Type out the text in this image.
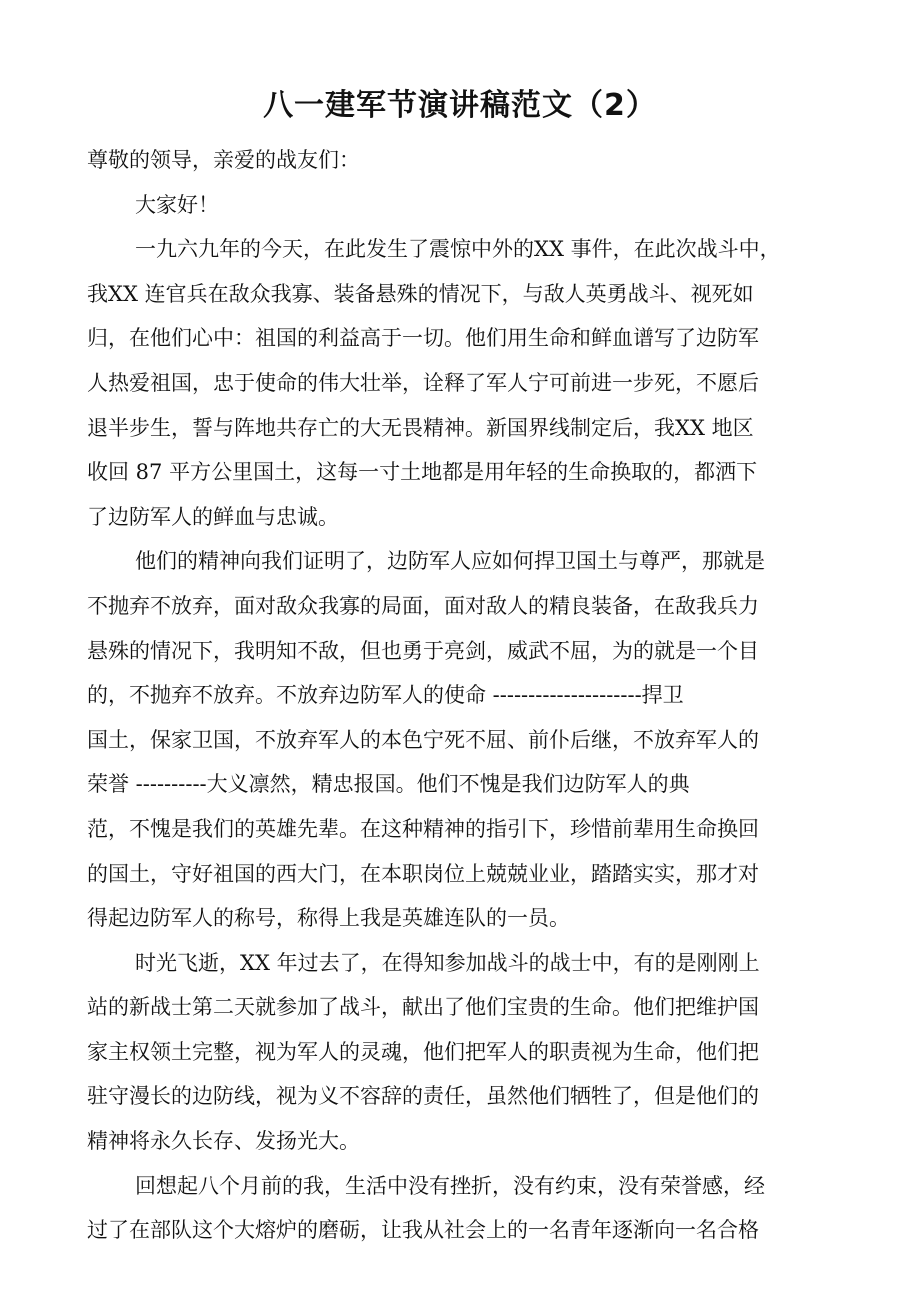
八一建军节演讲稿范文（2）
尊敬的领导，亲爱的战友们：
大家好！
一九六九年的今天，在此发生了震惊中外的XX 事件，在此次战斗中，
我XX 连官兵在敌众我寡、装备悬殊的情况下，与敌人英勇战斗、视死如
归，在他们心中：祖国的利益高于一切。他们用生命和鲜血谱写了边防军
人热爱祖国，忠于使命的伟大壮举，诠释了军人宁可前进一步死，不愿后
退半步生，誓与阵地共存亡的大无畏精神。新国界线制定后，我XX 地区
收回 87 平方公里国土，这每一寸土地都是用年轻的生命换取的，都洒下
了边防军人的鲜血与忠诚。
他们的精神向我们证明了，边防军人应如何捍卫国土与尊严，那就是
不抛弃不放弃，面对敌众我寡的局面，面对敌人的精良装备，在敌我兵力
悬殊的情况下，我明知不敌，但也勇于亮剑，威武不屈，为的就是一个目
的，不抛弃不放弃。不放弃边防军人的使命 ---------------------捍卫
国土，保家卫国，不放弃军人的本色宁死不屈、前仆后继，不放弃军人的
荣誉 ----------大义凛然，精忠报国。他们不愧是我们边防军人的典
范，不愧是我们的英雄先辈。在这种精神的指引下，珍惜前辈用生命换回
的国土，守好祖国的西大门，在本职岗位上兢兢业业，踏踏实实，那才对
得起边防军人的称号，称得上我是英雄连队的一员。
时光飞逝，XX 年过去了，在得知参加战斗的战士中，有的是刚刚上
站的新战士第二天就参加了战斗，献出了他们宝贵的生命。他们把维护国
家主权领土完整，视为军人的灵魂，他们把军人的职责视为生命，他们把
驻守漫长的边防线，视为义不容辞的责任，虽然他们牺牲了，但是他们的
精神将永久长存、发扬光大。
回想起八个月前的我，生活中没有挫折，没有约束，没有荣誉感，经
过了在部队这个大熔炉的磨砺，让我从社会上的一名青年逐渐向一名合格
